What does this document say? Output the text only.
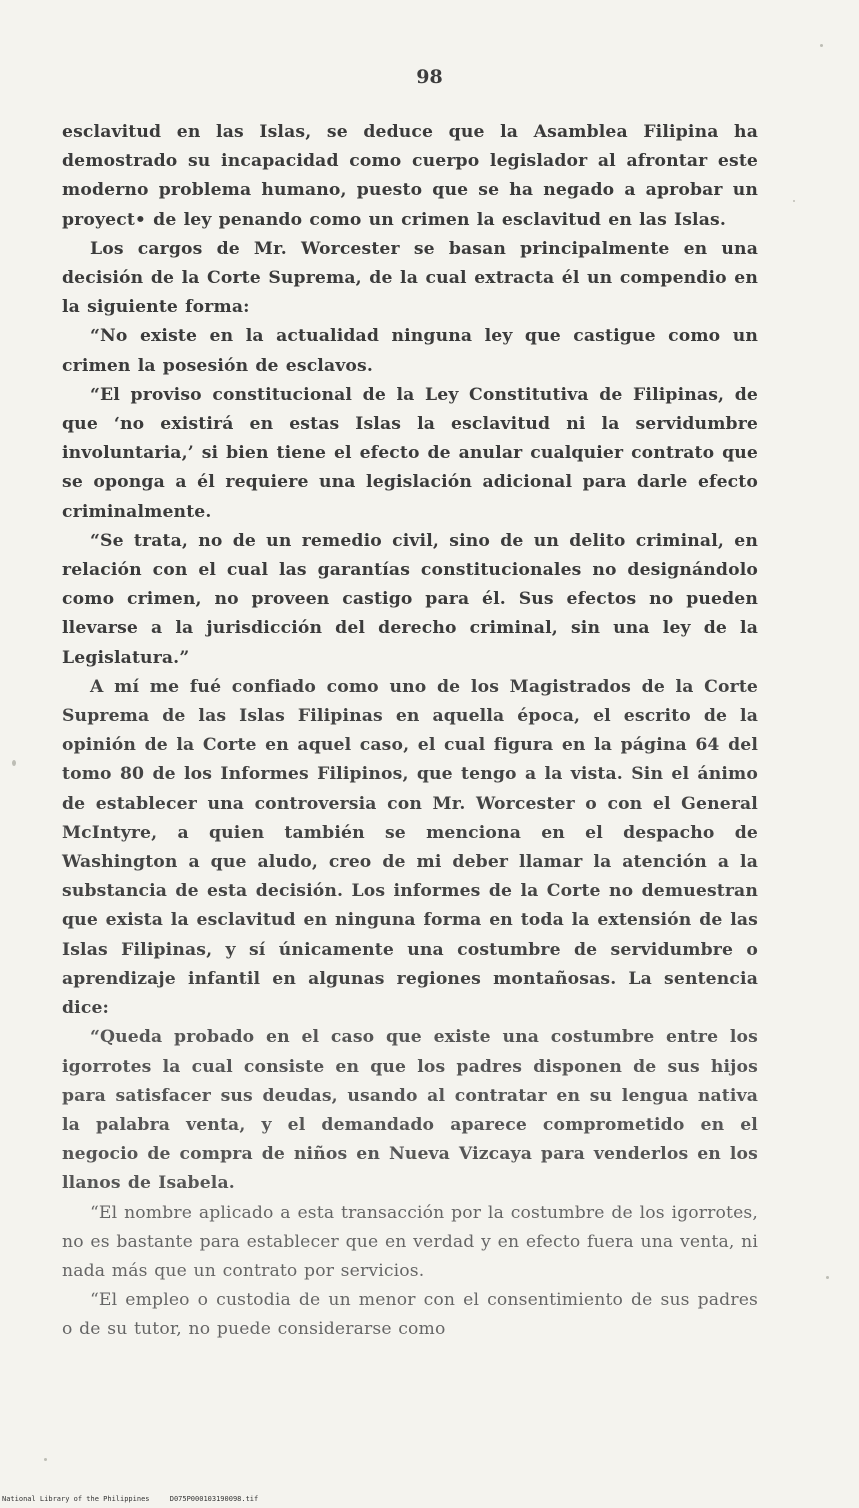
98

esclavitud en las Islas, se deduce que la Asamblea Filipina ha demostrado su incapacidad como cuerpo legislador al afrontar este moderno problema humano, puesto que se ha negado a aprobar un proyect• de ley penando como un crimen la esclavitud en las Islas.

Los cargos de Mr. Worcester se basan principalmente en una decisión de la Corte Suprema, de la cual extracta él un compendio en la siguiente forma:

“No existe en la actualidad ninguna ley que castigue como un crimen la posesión de esclavos.

“El proviso constitucional de la Ley Constitutiva de Filipinas, de que ‘no existirá en estas Islas la esclavitud ni la servidumbre involuntaria,’ si bien tiene el efecto de anular cualquier contrato que se oponga a él requiere una legislación adicional para darle efecto criminalmente.

“Se trata, no de un remedio civil, sino de un delito criminal, en relación con el cual las garantías constitucionales no designándolo como crimen, no proveen castigo para él. Sus efectos no pueden llevarse a la jurisdicción del derecho criminal, sin una ley de la Legislatura.”

A mí me fué confiado como uno de los Magistrados de la Corte Suprema de las Islas Filipinas en aquella época, el escrito de la opinión de la Corte en aquel caso, el cual figura en la página 64 del tomo 80 de los Informes Filipinos, que tengo a la vista. Sin el ánimo de establecer una controversia con Mr. Worcester o con el General McIntyre, a quien también se menciona en el despacho de Washington a que aludo, creo de mi deber llamar la atención a la substancia de esta decisión. Los informes de la Corte no demuestran que exista la esclavitud en ninguna forma en toda la extensión de las Islas Filipinas, y sí únicamente una costumbre de servidumbre o aprendizaje infantil en algunas regiones montañosas. La sentencia dice:

“Queda probado en el caso que existe una costumbre entre los igorrotes la cual consiste en que los padres disponen de sus hijos para satisfacer sus deudas, usando al contratar en su lengua nativa la palabra venta, y el demandado aparece comprometido en el negocio de compra de niños en Nueva Vizcaya para venderlos en los llanos de Isabela.

“El nombre aplicado a esta transacción por la costumbre de los igorrotes, no es bastante para establecer que en verdad y en efecto fuera una venta, ni nada más que un contrato por servicios.

“El empleo o custodia de un menor con el consentimiento de sus padres o de su tutor, no puede considerarse como

National Library of the Philippines	D075P000103190098.tif
